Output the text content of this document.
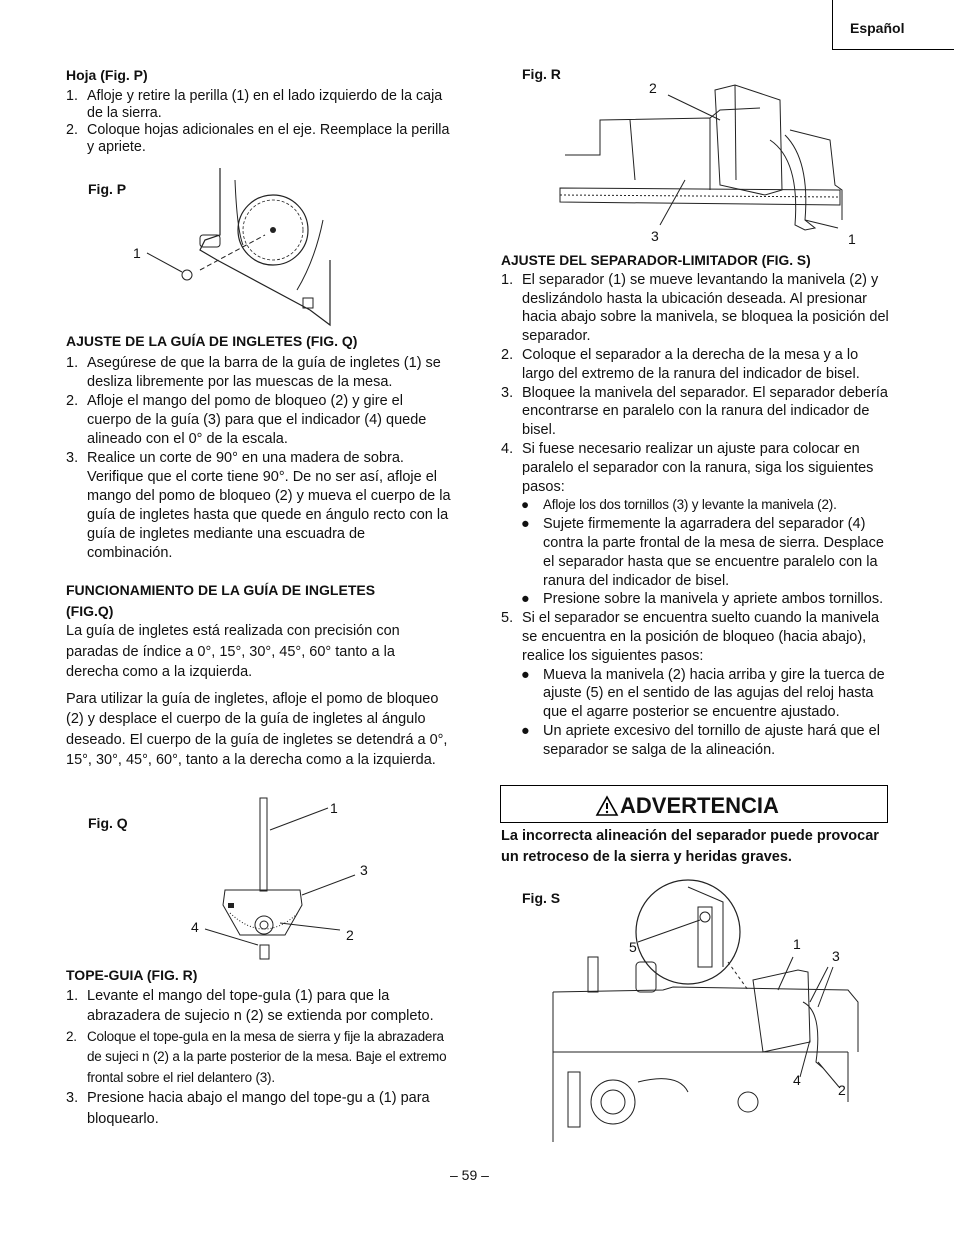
Español

Hoja (Fig. P)

1. Afloje y retire la perilla (1) en el lado izquierdo de la caja de la sierra.
2. Coloque hojas adicionales en el eje. Reemplace la perilla y apriete.
Fig. P
1

AJUSTE DE LA GUÍA DE INGLETES (FIG. Q)

1. Asegúrese de que la barra de la guía de ingletes (1) se desliza libremente por las muescas de la mesa.
2. Afloje el mango del pomo de bloqueo (2) y gire el cuerpo de la guía (3) para que el indicador (4) quede alineado con el 0° de la escala.
3. Realice un corte de 90° en una madera de sobra. Verifique que el corte tiene 90°. De no ser así, afloje el mango del pomo de bloqueo (2) y mueva el cuerpo de la guía de ingletes hasta que quede en ángulo recto con la guía de ingletes mediante una escuadra de combinación.

FUNCIONAMIENTO DE LA GUÍA DE INGLETES (FIG.Q)

La guía de ingletes está realizada con precisión con paradas de índice a 0°, 15°, 30°, 45°, 60° tanto a la derecha como a la izquierda.

Para utilizar la guía de ingletes, afloje el pomo de bloqueo (2) y desplace el cuerpo de la guía de ingletes al ángulo deseado. El cuerpo de la guía de ingletes se detendrá a 0°, 15°, 30°, 45°, 60°, tanto a la derecha como a la izquierda.

Fig. Q
1
3
4	2

TOPE-GUIA (FIG. R)

1. Levante el mango del tope-guIa (1) para que la abrazadera de sujecio n (2) se extienda por completo.
2. Coloque el tope-guIa en la mesa de sierra y fije la abrazadera de sujeci n (2) a la parte posterior de la mesa. Baje el extremo frontal sobre el riel delantero (3).
3. Presione hacia abajo el mango del tope-gu a (1) para bloquearlo.
Fig. R
2
3	1

AJUSTE DEL SEPARADOR-LIMITADOR (FIG. S)

1. El separador (1) se mueve levantando la manivela (2) y deslizándolo hasta la ubicación deseada. Al presionar hacia abajo sobre la manivela, se bloquea la posición del separador.
2. Coloque el separador a la derecha de la mesa y a lo largo del extremo de la ranura del indicador de bisel.
3. Bloquee la manivela del separador. El separador debería encontrarse en paralelo con la ranura del indicador de bisel.
4. Si fuese necesario realizar un ajuste para colocar en paralelo el separador con la ranura, siga los siguientes pasos:
● Afloje los dos tornillos (3) y levante la manivela (2).
● Sujete firmemente la agarradera del separador (4) contra la parte frontal de la mesa de sierra. Desplace el separador hasta que se encuentre paralelo con la ranura del indicador de bisel.
● Presione sobre la manivela y apriete ambos tornillos.
5. Si el separador se encuentra suelto cuando la manivela se encuentra en la posición de bloqueo (hacia abajo), realice los siguientes pasos:
● Mueva la manivela (2) hacia arriba y gire la tuerca de ajuste (5) en el sentido de las agujas del reloj hasta que el agarre posterior se encuentre ajustado.
● Un apriete excesivo del tornillo de ajuste hará que el separador se salga de la alineación.
ADVERTENCIA
La incorrecta alineación del separador puede provocar un retroceso de la sierra y heridas graves.
Fig. S
5	1
3
4
2
– 59 –
